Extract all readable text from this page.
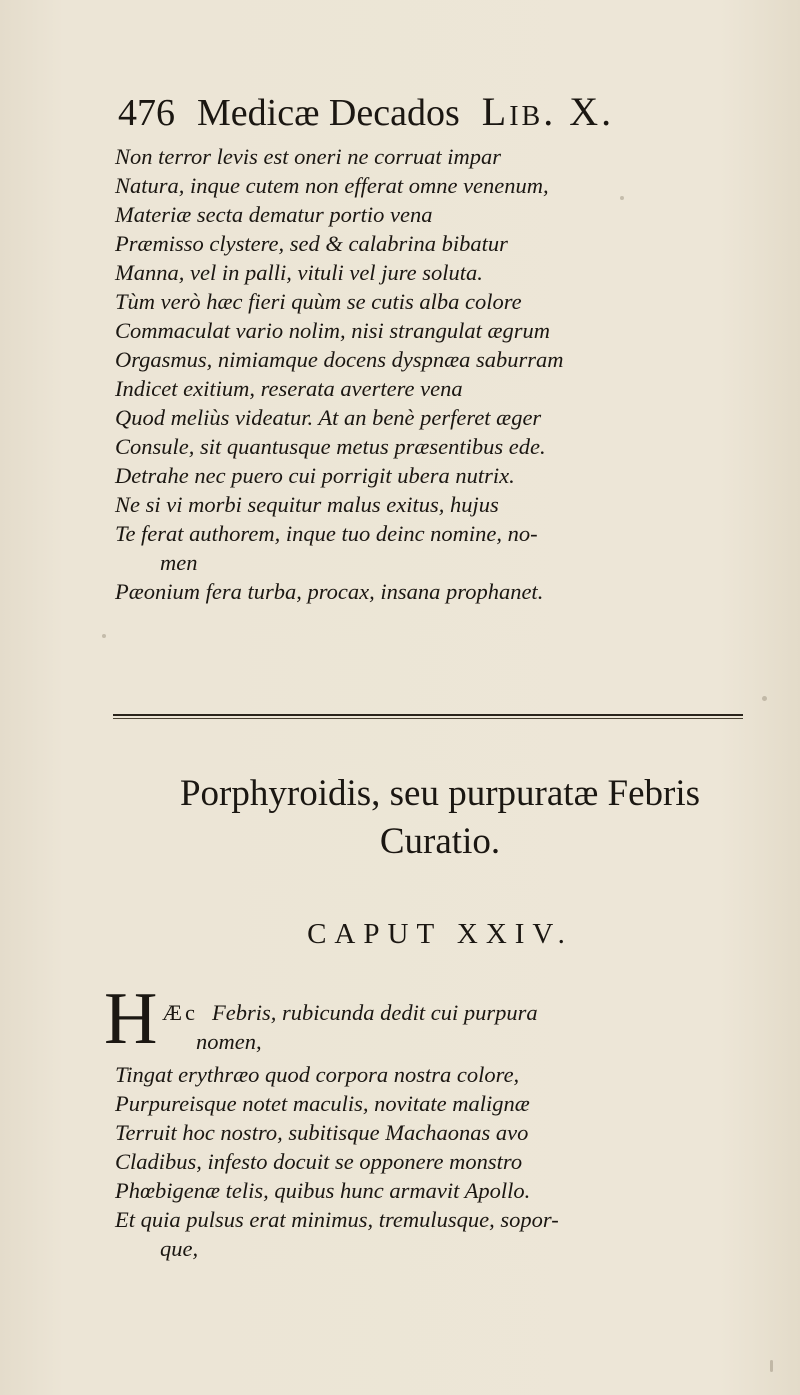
476 Medicæ Decados Lib. X.
Non terror levis est oneri ne corruat impar
Natura, inque cutem non efferat omne venenum,
Materiæ secta dematur portio vena
Præmisso clystere, sed & calabrina bibatur
Manna, vel in palli, vituli vel jure soluta.
Tùm verò hæc fieri quùm se cutis alba colore
Commaculat vario nolim, nisi strangulat ægrum
Orgasmus, nimiamque docens dyspnæa saburram
Indicet exitium, reserata avertere vena
Quod meliùs videatur. At an benè perferet æger
Consule, sit quantusque metus præsentibus ede.
Detrahe nec puero cui porrigit ubera nutrix.
Ne si vi morbi sequitur malus exitus, hujus
Te ferat authorem, inque tuo deinc nomine, no-
men
Pæonium fera turba, procax, insana prophanet.
Porphyroidis, seu purpuratæ Febris
Curatio.
CAPUT XXIV.
H Æc Febris, rubicunda dedit cui purpura
nomen,
Tingat erythræo quod corpora nostra colore,
Purpureisque notet maculis, novitate malignæ
Terruit hoc nostro, subitisque Machaonas avo
Cladibus, infesto docuit se opponere monstro
Phœbigenæ telis, quibus hunc armavit Apollo.
Et quia pulsus erat minimus, tremulusque, sopor-
que,
